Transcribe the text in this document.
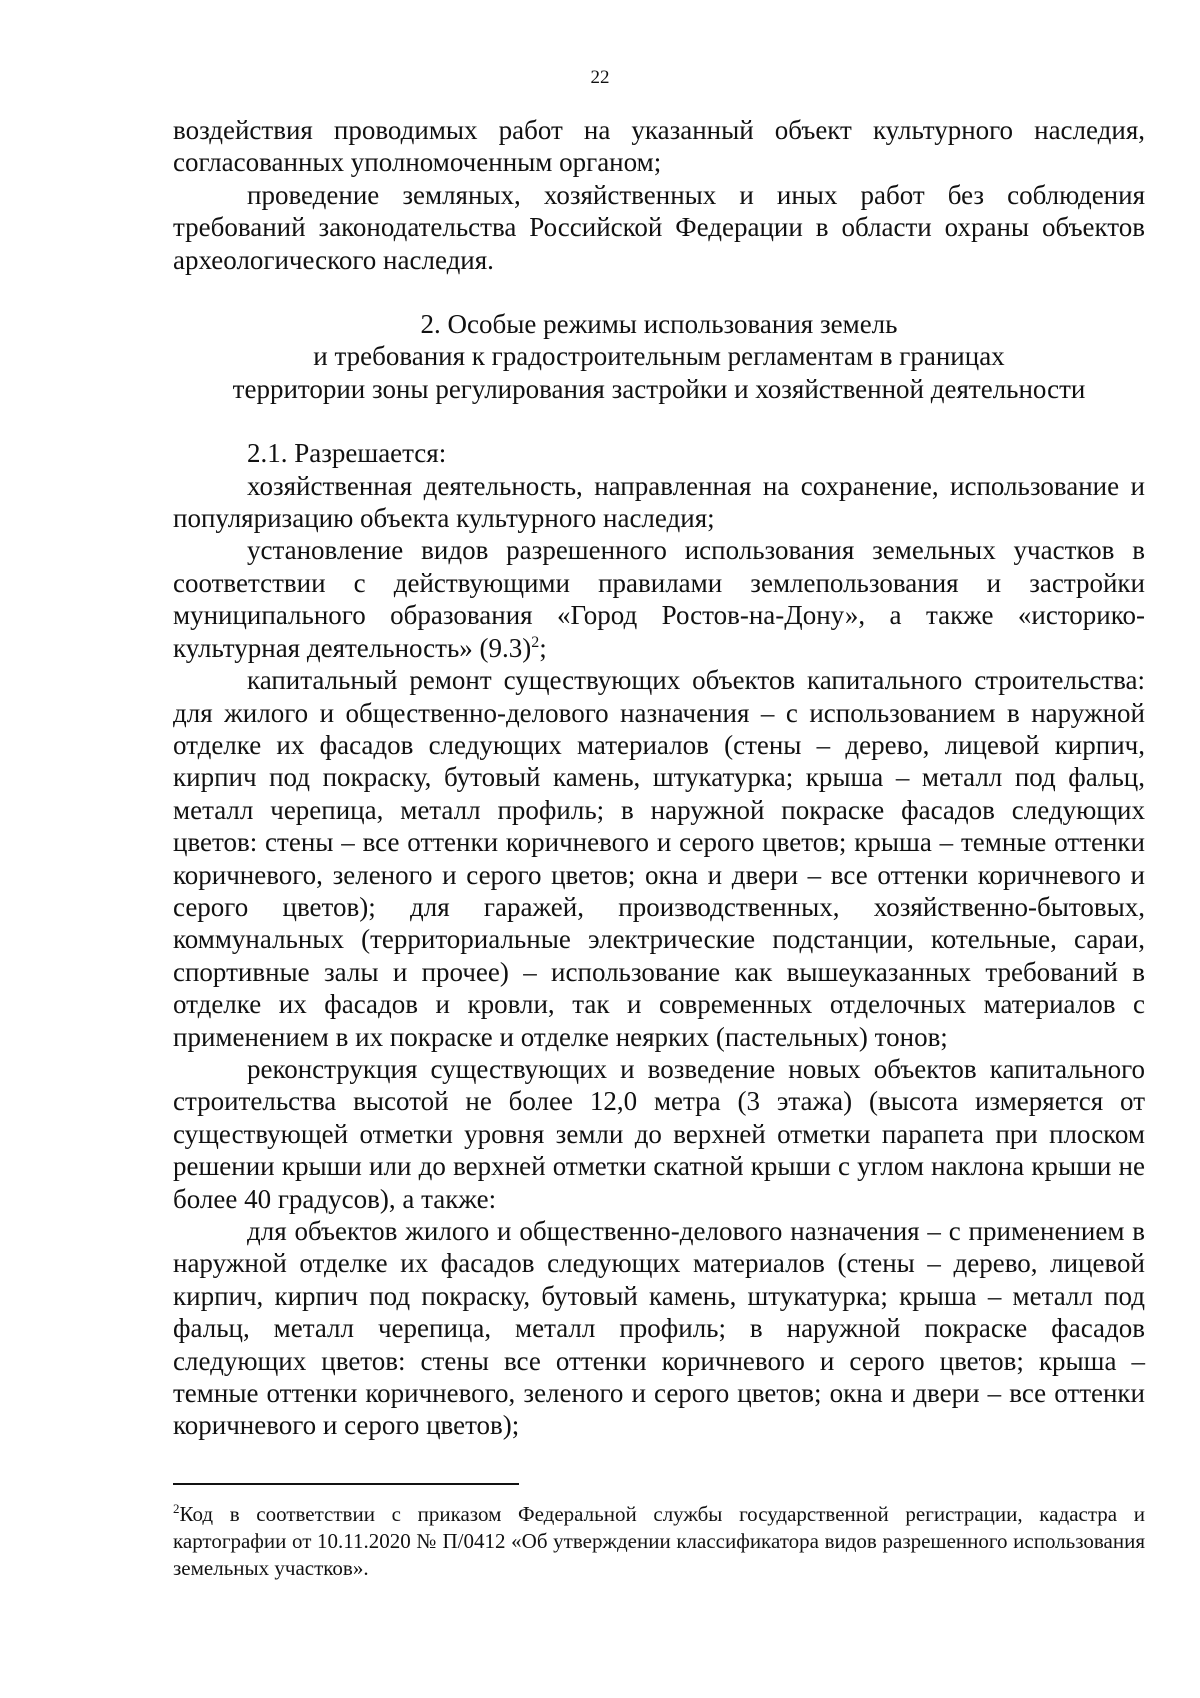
22

воздействия проводимых работ на указанный объект культурного наследия, согласованных уполномоченным органом;

проведение земляных, хозяйственных и иных работ без соблюдения требований законодательства Российской Федерации в области охраны объектов археологического наследия.

2. Особые режимы использования земель
и требования к градостроительным регламентам в границах
территории зоны регулирования застройки и хозяйственной деятельности

2.1. Разрешается:

хозяйственная деятельность, направленная на сохранение, использование и популяризацию объекта культурного наследия;

установление видов разрешенного использования земельных участков в соответствии с действующими правилами землепользования и застройки муниципального образования «Город Ростов-на-Дону», а также «историко-культурная деятельность» $(9.3)^2$;

капитальный ремонт существующих объектов капитального строительства: для жилого и общественно-делового назначения – с использованием в наружной отделке их фасадов следующих материалов (стены – дерево, лицевой кирпич, кирпич под покраску, бутовый камень, штукатурка; крыша – металл под фальц, металл черепица, металл профиль; в наружной покраске фасадов следующих цветов: стены – все оттенки коричневого и серого цветов; крыша – темные оттенки коричневого, зеленого и серого цветов; окна и двери – все оттенки коричневого и серого цветов); для гаражей, производственных, хозяйственно-бытовых, коммунальных (территориальные электрические подстанции, котельные, сараи, спортивные залы и прочее) – использование как вышеуказанных требований в отделке их фасадов и кровли, так и современных отделочных материалов с применением в их покраске и отделке неярких (пастельных) тонов;

реконструкция существующих и возведение новых объектов капитального строительства высотой не более 12,0 метра (3 этажа) (высота измеряется от существующей отметки уровня земли до верхней отметки парапета при плоском решении крыши или до верхней отметки скатной крыши с углом наклона крыши не более 40 градусов), а также:

для объектов жилого и общественно-делового назначения – с применением в наружной отделке их фасадов следующих материалов (стены – дерево, лицевой кирпич, кирпич под покраску, бутовый камень, штукатурка; крыша – металл под фальц, металл черепица, металл профиль; в наружной покраске фасадов следующих цветов: стены все оттенки коричневого и серого цветов; крыша – темные оттенки коричневого, зеленого и серого цветов; окна и двери – все оттенки коричневого и серого цветов);

$^2$Код в соответствии с приказом Федеральной службы государственной регистрации, кадастра и картографии от 10.11.2020 № П/0412 «Об утверждении классификатора видов разрешенного использования земельных участков».
